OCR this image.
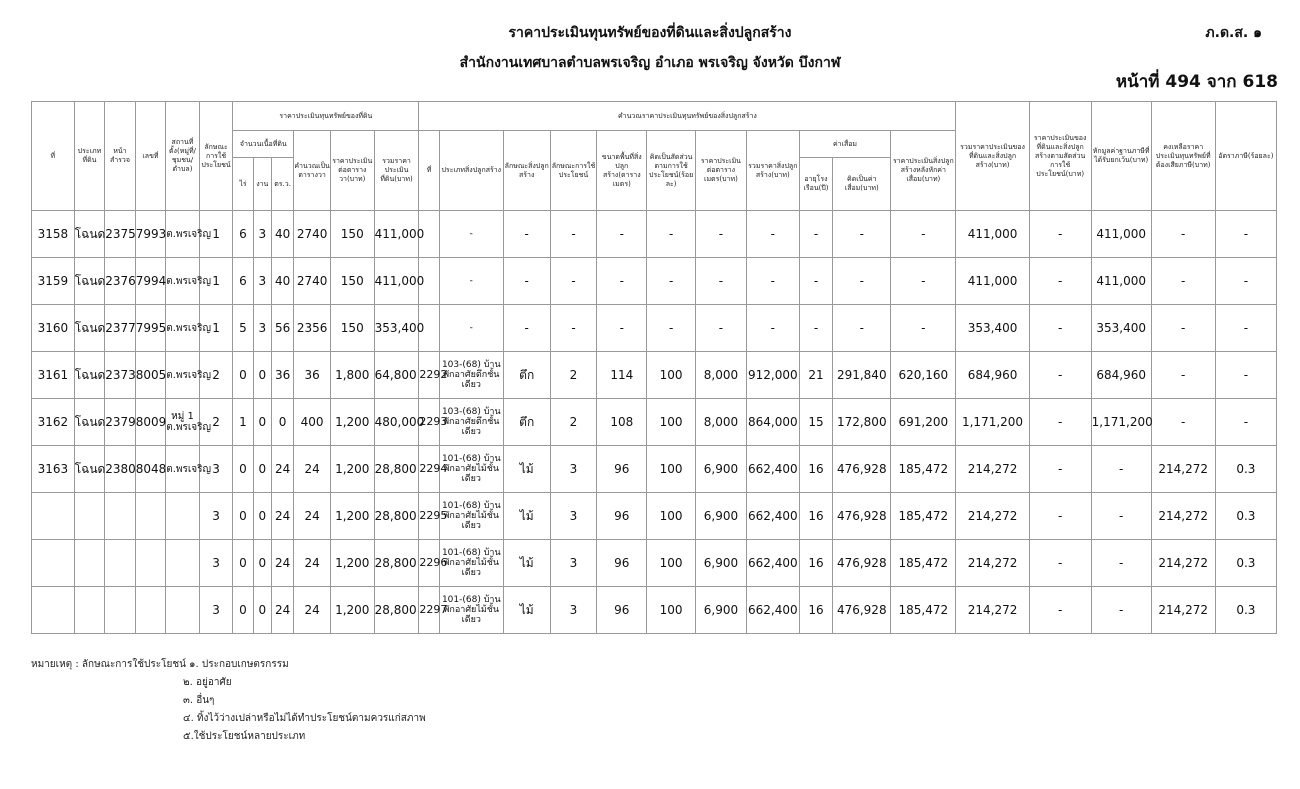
ราคาประเมินทุนทรัพย์ของที่ดินและสิ่งปลูกสร้าง	ภ.ด.ส. ๑
สำนักงานเทศบาลตำบลพรเจริญ อำเภอ พรเจริญ จังหวัด บึงกาฬ
หน้าที่ 494 จาก 618
ที่	ประเภทที่ดิน	หน้าสำรวจ	เลขที่	สถานที่ตั้ง(หมู่ที่/ชุมชน/ตำบล)	ลักษณะการใช้ประโยชน์	ราคาประเมินทุนทรัพย์ของที่ดิน						คำนวณราคาประเมินทุนทรัพย์ของสิ่งปลูกสร้าง											รวมราคาประเมินของที่ดินและสิ่งปลูกสร้าง(บาท)	ราคาประเมินของที่ดินและสิ่งปลูกสร้างตามสัดส่วนการใช้ประโยชน์(บาท)	หักมูลค่าฐานภาษีที่ได้รับยกเว้น(บาท)	คงเหลือราคาประเมินทุนทรัพย์ที่ต้องเสียภาษี(บาท)	อัตราภาษี(ร้อยละ)
						จำนวนเนื้อที่ดิน			คำนวณเป็นตารางวา	ราคาประเมินต่อตารางวา(บาท)	รวมราคาประเมินที่ดิน(บาท)	ที่	ประเภทสิ่งปลูกสร้าง	ลักษณะสิ่งปลูกสร้าง	ลักษณะการใช้ประโยชน์	ขนาดพื้นที่สิ่งปลูกสร้าง(ตารางเมตร)	คิดเป็นสัดส่วนตามการใช้ประโยชน์(ร้อยละ)	ราคาประเมินต่อตารางเมตร(บาท)	รวมราคาสิ่งปลูกสร้าง(บาท)	ค่าเสื่อม		ราคาประเมินสิ่งปลูกสร้างหลังหักค่าเสื่อม(บาท)					
						ไร่	งาน	ตร.ว.												อายุโรงเรือน(ปี)	คิดเป็นค่าเสื่อม(บาท)						
3158	โฉนด	2375	7993	ต.พรเจริญ	1	6	3	40	2740	150	411,000		-	-	-	-	-	-	-	-	-	-	411,000	-	411,000	-	-
3159	โฉนด	2376	7994	ต.พรเจริญ	1	6	3	40	2740	150	411,000		-	-	-	-	-	-	-	-	-	-	411,000	-	411,000	-	-
3160	โฉนด	2377	7995	ต.พรเจริญ	1	5	3	56	2356	150	353,400		-	-	-	-	-	-	-	-	-	-	353,400	-	353,400	-	-
3161	โฉนด	2373	8005	ต.พรเจริญ	2	0	0	36	36	1,800	64,800	2292	103-(68) บ้านพักอาศัยตึกชั้นเดียว	ตึก	2	114	100	8,000	912,000	21	291,840	620,160	684,960	-	684,960	-	-
3162	โฉนด	2379	8009	หมู่ 1 ต.พรเจริญ	2	1	0	0	400	1,200	480,000	2293	103-(68) บ้านพักอาศัยตึกชั้นเดียว	ตึก	2	108	100	8,000	864,000	15	172,800	691,200	1,171,200	-	1,171,200	-	-
3163	โฉนด	2380	8048	ต.พรเจริญ	3	0	0	24	24	1,200	28,800	2294	101-(68) บ้านพักอาศัยไม้ชั้นเดียว	ไม้	3	96	100	6,900	662,400	16	476,928	185,472	214,272	-	-	214,272	0.3
					3	0	0	24	24	1,200	28,800	2295	101-(68) บ้านพักอาศัยไม้ชั้นเดียว	ไม้	3	96	100	6,900	662,400	16	476,928	185,472	214,272	-	-	214,272	0.3
					3	0	0	24	24	1,200	28,800	2296	101-(68) บ้านพักอาศัยไม้ชั้นเดียว	ไม้	3	96	100	6,900	662,400	16	476,928	185,472	214,272	-	-	214,272	0.3
					3	0	0	24	24	1,200	28,800	2297	101-(68) บ้านพักอาศัยไม้ชั้นเดียว	ไม้	3	96	100	6,900	662,400	16	476,928	185,472	214,272	-	-	214,272	0.3
หมายเหตุ : ลักษณะการใช้ประโยชน์ ๑. ประกอบเกษตรกรรม
๒. อยู่อาศัย
๓. อื่นๆ
๔. ทิ้งไว้ว่างเปล่าหรือไม่ได้ทำประโยชน์ตามควรแก่สภาพ
๕.ใช้ประโยชน์หลายประเภท
